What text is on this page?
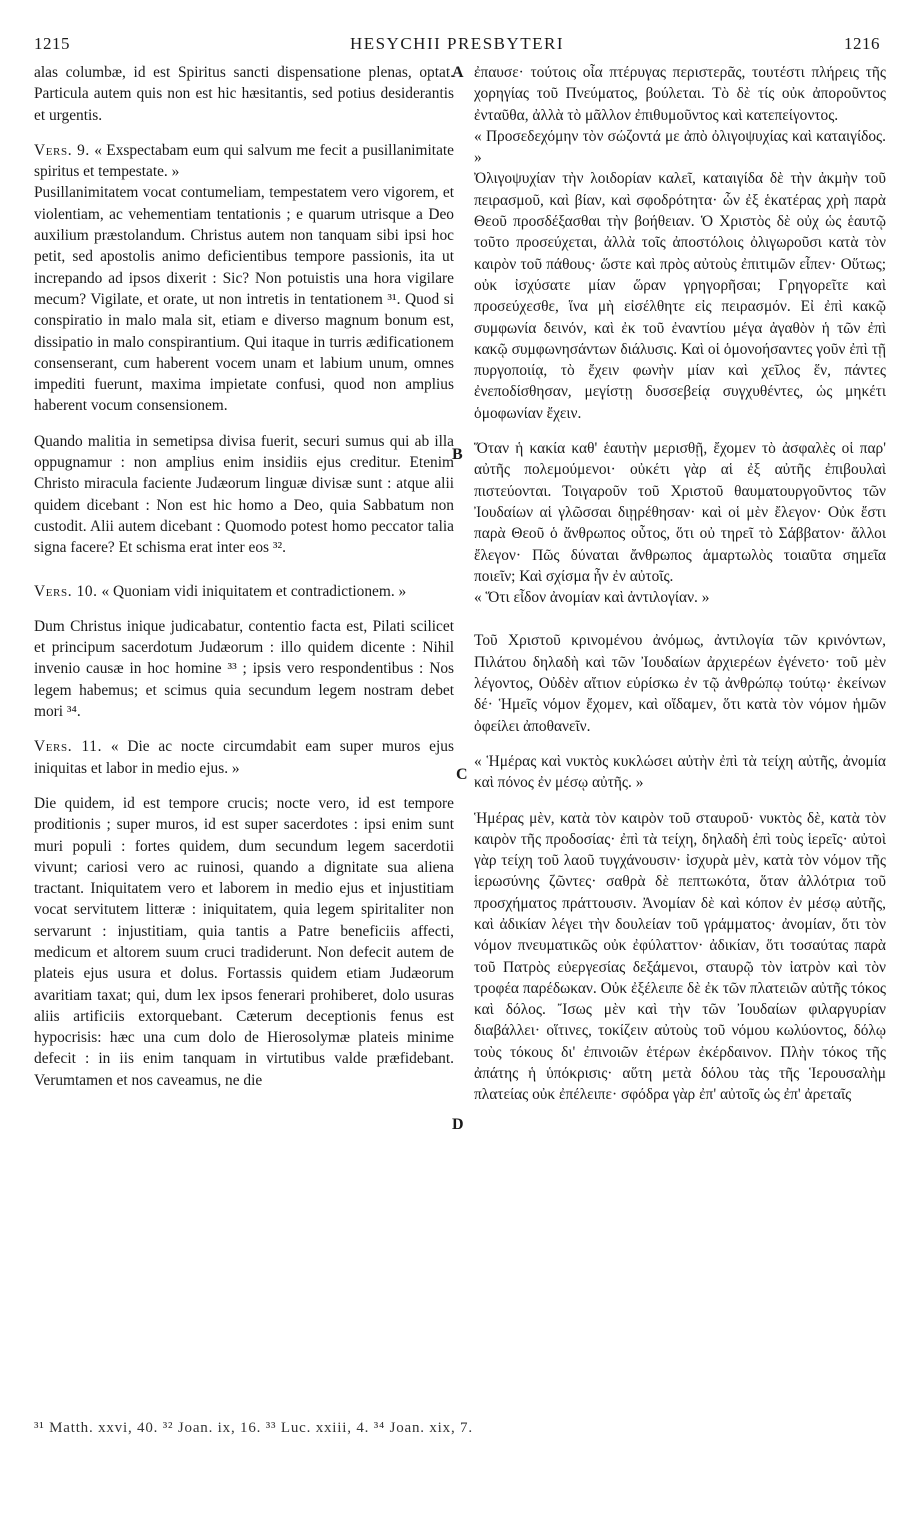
1215	HESYCHII PRESBYTERI	1216

alas columbæ, id est Spiritus sancti dispensatione plenas, optat. Particula autem quis non est hic hæsitantis, sed potius desiderantis et urgentis.

Vers. 9. « Exspectabam eum qui salvum me fecit a pusillanimitate spiritus et tempestate. »

Pusillanimitatem vocat contumeliam, tempestatem vero vigorem, et violentiam, ac vehementiam tentationis ; e quarum utrisque a Deo auxilium præstolandum. Christus autem non tanquam sibi ipsi hoc petit, sed apostolis animo deficientibus tempore passionis, ita ut increpando ad ipsos dixerit : Sic? Non potuistis una hora vigilare mecum? Vigilate, et orate, ut non intretis in tentationem ³¹. Quod si conspiratio in malo mala sit, etiam e diverso magnum bonum est, dissipatio in malo conspirantium. Qui itaque in turris ædificationem consenserant, cum haberent vocem unam et labium unum, omnes impediti fuerunt, maxima impietate confusi, quod non amplius haberent vocum consensionem.

Quando malitia in semetipsa divisa fuerit, securi sumus qui ab illa oppugnamur : non amplius enim insidiis ejus creditur. Etenim Christo miracula faciente Judæorum linguæ divisæ sunt : atque alii quidem dicebant : Non est hic homo a Deo, quia Sabbatum non custodit. Alii autem dicebant : Quomodo potest homo peccator talia signa facere? Et schisma erat inter eos ³².

Vers. 10. « Quoniam vidi iniquitatem et contradictionem. »

Dum Christus inique judicabatur, contentio facta est, Pilati scilicet et principum sacerdotum Judæorum : illo quidem dicente : Nihil invenio causæ in hoc homine ³³ ; ipsis vero respondentibus : Nos legem habemus; et scimus quia secundum legem nostram debet mori ³⁴.

Vers. 11. « Die ac nocte circumdabit eam super muros ejus iniquitas et labor in medio ejus. »

Die quidem, id est tempore crucis; nocte vero, id est tempore proditionis ; super muros, id est super sacerdotes : ipsi enim sunt muri populi : fortes quidem, dum secundum legem sacerdotii vivunt; cariosi vero ac ruinosi, quando a dignitate sua aliena tractant. Iniquitatem vero et laborem in medio ejus et injustitiam vocat servitutem litteræ : iniquitatem, quia legem spiritaliter non servarunt : injustitiam, quia tantis a Patre beneficiis affecti, medicum et altorem suum cruci tradiderunt. Non defecit autem de plateis ejus usura et dolus. Fortassis quidem etiam Judæorum avaritiam taxat; qui, dum lex ipsos fenerari prohiberet, dolo usuras aliis artificiis extorquebant. Cæterum deceptionis fenus est hypocrisis: hæc una cum dolo de Hierosolymæ plateis minime defecit : in iis enim tanquam in virtutibus valde præfidebant. Verumtamen et nos caveamus, ne die

A
B
C
D

ἐπαυσε· τούτοις οἷα πτέρυγας περιστερᾶς, τουτέστι πλήρεις τῆς χορηγίας τοῦ Πνεύματος, βούλεται. Τὸ δὲ τίς οὐκ ἀποροῦντος ἐνταῦθα, ἀλλὰ τὸ μᾶλλον ἐπιθυμοῦντος καὶ κατεπείγοντος.

« Προσεδεχόμην τὸν σώζοντά με ἀπὸ ὀλιγοψυχίας καὶ καταιγίδος. »

Ὀλιγοψυχίαν τὴν λοιδορίαν καλεῖ, καταιγίδα δὲ τὴν ἀκμὴν τοῦ πειρασμοῦ, καὶ βίαν, καὶ σφοδρότητα· ὧν ἐξ ἑκατέρας χρὴ παρὰ Θεοῦ προσδέξασθαι τὴν βοήθειαν. Ὁ Χριστὸς δὲ οὐχ ὡς ἑαυτῷ τοῦτο προσεύχεται, ἀλλὰ τοῖς ἀποστόλοις ὀλιγωροῦσι κατὰ τὸν καιρὸν τοῦ πάθους· ὥστε καὶ πρὸς αὐτοὺς ἐπιτιμῶν εἶπεν· Οὕτως; οὐκ ἰσχύσατε μίαν ὥραν γρηγορῆσαι; Γρηγορεῖτε καὶ προσεύχεσθε, ἵνα μὴ εἰσέλθητε εἰς πειρασμόν. Εἰ ἐπὶ κακῷ συμφωνία δεινόν, καὶ ἐκ τοῦ ἐναντίου μέγα ἀγαθὸν ἡ τῶν ἐπὶ κακῷ συμφωνησάντων διάλυσις. Καὶ οἱ ὁμονοήσαντες γοῦν ἐπὶ τῇ πυργοποιίᾳ, τὸ ἔχειν φωνὴν μίαν καὶ χεῖλος ἕν, πάντες ἐνεποδίσθησαν, μεγίστῃ δυσσεβείᾳ συγχυθέντες, ὡς μηκέτι ὁμοφωνίαν ἔχειν.

Ὅταν ἡ κακία καθ' ἑαυτὴν μερισθῇ, ἔχομεν τὸ ἀσφαλὲς οἱ παρ' αὐτῆς πολεμούμενοι· οὐκέτι γὰρ αἱ ἐξ αὐτῆς ἐπιβουλαὶ πιστεύονται. Τοιγαροῦν τοῦ Χριστοῦ θαυματουργοῦντος τῶν Ἰουδαίων αἱ γλῶσσαι διῃρέθησαν· καὶ οἱ μὲν ἔλεγον· Οὐκ ἔστι παρὰ Θεοῦ ὁ ἄνθρωπος οὗτος, ὅτι οὐ τηρεῖ τὸ Σάββατον· ἄλλοι ἔλεγον· Πῶς δύναται ἄνθρωπος ἁμαρτωλὸς τοιαῦτα σημεῖα ποιεῖν; Καὶ σχίσμα ἦν ἐν αὐτοῖς.

« Ὅτι εἶδον ἀνομίαν καὶ ἀντιλογίαν. »

Τοῦ Χριστοῦ κρινομένου ἀνόμως, ἀντιλογία τῶν κρινόντων, Πιλάτου δηλαδὴ καὶ τῶν Ἰουδαίων ἀρχιερέων ἐγένετο· τοῦ μὲν λέγοντος, Οὐδὲν αἴτιον εὑρίσκω ἐν τῷ ἀνθρώπῳ τούτῳ· ἐκείνων δέ· Ἡμεῖς νόμον ἔχομεν, καὶ οἴδαμεν, ὅτι κατὰ τὸν νόμον ἡμῶν ὀφείλει ἀποθανεῖν.

« Ἡμέρας καὶ νυκτὸς κυκλώσει αὐτὴν ἐπὶ τὰ τείχη αὐτῆς, ἀνομία καὶ πόνος ἐν μέσῳ αὐτῆς. »

Ἡμέρας μὲν, κατὰ τὸν καιρὸν τοῦ σταυροῦ· νυκτὸς δὲ, κατὰ τὸν καιρὸν τῆς προδοσίας· ἐπὶ τὰ τείχη, δηλαδὴ ἐπὶ τοὺς ἱερεῖς· αὐτοὶ γὰρ τείχη τοῦ λαοῦ τυγχάνουσιν· ἰσχυρὰ μὲν, κατὰ τὸν νόμον τῆς ἱερωσύνης ζῶντες· σαθρὰ δὲ πεπτωκότα, ὅταν ἀλλότρια τοῦ προσχήματος πράττουσιν. Ἀνομίαν δὲ καὶ κόπον ἐν μέσῳ αὐτῆς, καὶ ἀδικίαν λέγει τὴν δουλείαν τοῦ γράμματος· ἀνομίαν, ὅτι τὸν νόμον πνευματικῶς οὐκ ἐφύλαττον· ἀδικίαν, ὅτι τοσαύτας παρὰ τοῦ Πατρὸς εὐεργεσίας δεξάμενοι, σταυρῷ τὸν ἰατρὸν καὶ τὸν τροφέα παρέδωκαν. Οὐκ ἐξέλειπε δὲ ἐκ τῶν πλατειῶν αὐτῆς τόκος καὶ δόλος. Ἴσως μὲν καὶ τὴν τῶν Ἰουδαίων φιλαργυρίαν διαβάλλει· οἵτινες, τοκίζειν αὐτοὺς τοῦ νόμου κωλύοντος, δόλῳ τοὺς τόκους δι' ἐπινοιῶν ἑτέρων ἐκέρδαινον. Πλὴν τόκος τῆς ἀπάτης ἡ ὑπόκρισις· αὕτη μετὰ δόλου τὰς τῆς Ἱερουσαλὴμ πλατείας οὐκ ἐπέλειπε· σφόδρα γὰρ ἐπ' αὐτοῖς ὡς ἐπ' ἀρεταῖς

³¹ Matth. xxvi, 40. ³² Joan. ix, 16. ³³ Luc. xxiii, 4. ³⁴ Joan. xix, 7.
